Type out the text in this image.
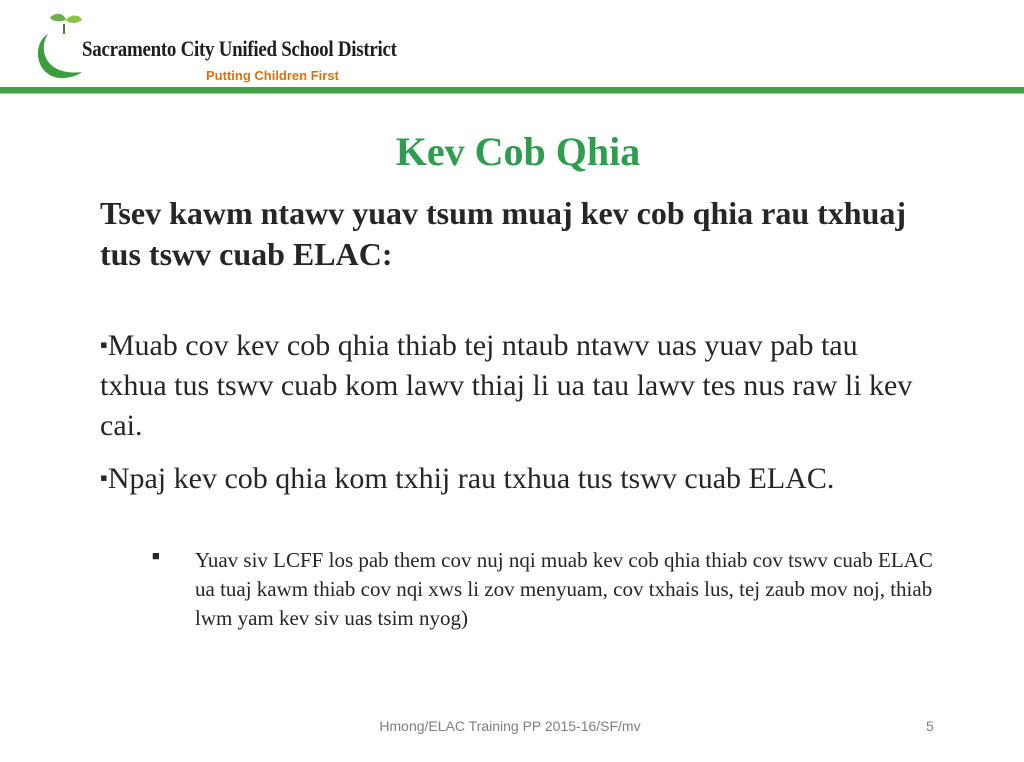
Sacramento City Unified School District

Putting Children First

Kev Cob Qhia

Tsev kawm ntawv yuav tsum muaj kev cob qhia rau txhuaj tus tswv cuab ELAC:

▪Muab cov kev cob qhia thiab tej ntaub ntawv uas yuav pab tau txhua tus tswv cuab kom lawv thiaj li ua tau lawv tes nus raw li kev cai.

▪Npaj kev cob qhia kom txhij rau txhua tus tswv cuab ELAC.

■ Yuav siv LCFF los pab them cov nuj nqi muab kev cob qhia thiab cov tswv cuab ELAC ua tuaj kawm thiab cov nqi xws li zov menyuam, cov txhais lus, tej zaub mov noj, thiab lwm yam kev siv uas tsim nyog)

Hmong/ELAC Training PP 2015-16/SF/mv	5
